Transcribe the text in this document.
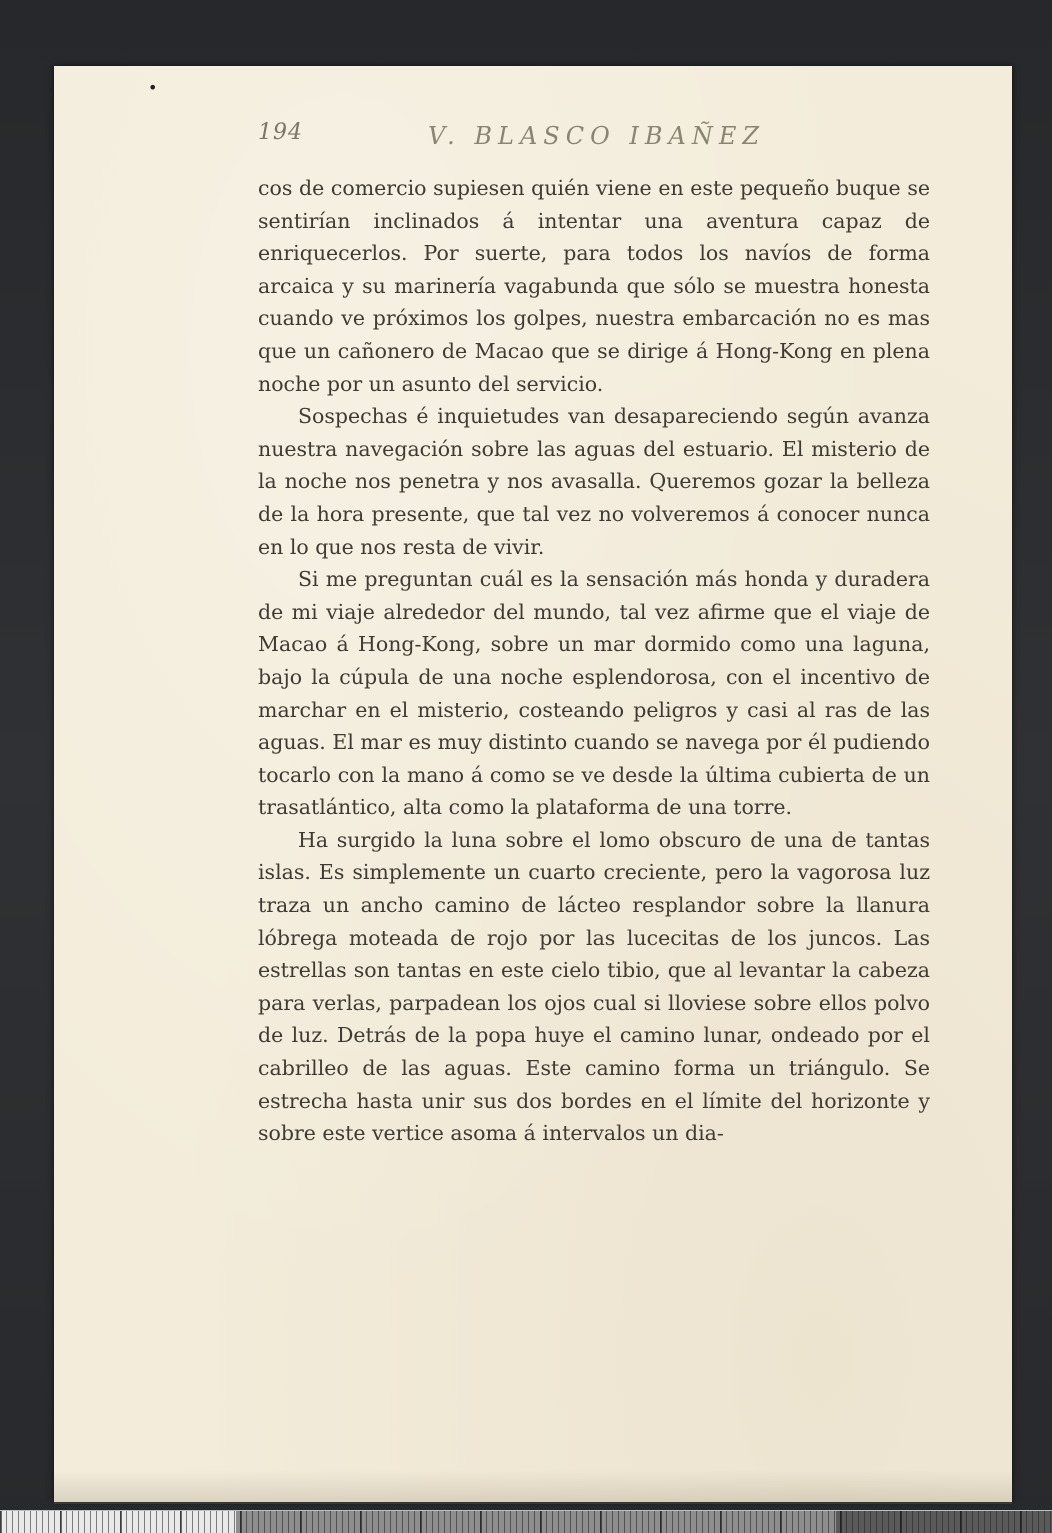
‹	•
194	V. BLASCO IBAÑEZ

cos de comercio supiesen quién viene en este pequeño buque se sentirían inclinados á intentar una aventura capaz de enriquecerlos. Por suerte, para todos los navíos de forma arcaica y su marinería vagabunda que sólo se muestra honesta cuando ve próximos los golpes, nuestra embarcación no es mas que un cañonero de Macao que se dirige á Hong-Kong en plena noche por un asunto del servicio.

Sospechas é inquietudes van desapareciendo según avanza nuestra navegación sobre las aguas del estuario. El misterio de la noche nos penetra y nos avasalla. Queremos gozar la belleza de la hora presente, que tal vez no volveremos á conocer nunca en lo que nos resta de vivir.

Si me preguntan cuál es la sensación más honda y duradera de mi viaje alrededor del mundo, tal vez afirme que el viaje de Macao á Hong-Kong, sobre un mar dormido como una laguna, bajo la cúpula de una noche esplendorosa, con el incentivo de marchar en el misterio, costeando peligros y casi al ras de las aguas. El mar es muy distinto cuando se navega por él pudiendo tocarlo con la mano á como se ve desde la última cubierta de un trasatlántico, alta como la plataforma de una torre.

Ha surgido la luna sobre el lomo obscuro de una de tantas islas. Es simplemente un cuarto creciente, pero la vagorosa luz traza un ancho camino de lácteo resplandor sobre la llanura lóbrega moteada de rojo por las lucecitas de los juncos. Las estrellas son tantas en este cielo tibio, que al levantar la cabeza para verlas, parpadean los ojos cual si lloviese sobre ellos polvo de luz. Detrás de la popa huye el camino lunar, ondeado por el cabrilleo de las aguas. Este camino forma un triángulo. Se estrecha hasta unir sus dos bordes en el límite del horizonte y sobre este vertice asoma á intervalos un dia-
